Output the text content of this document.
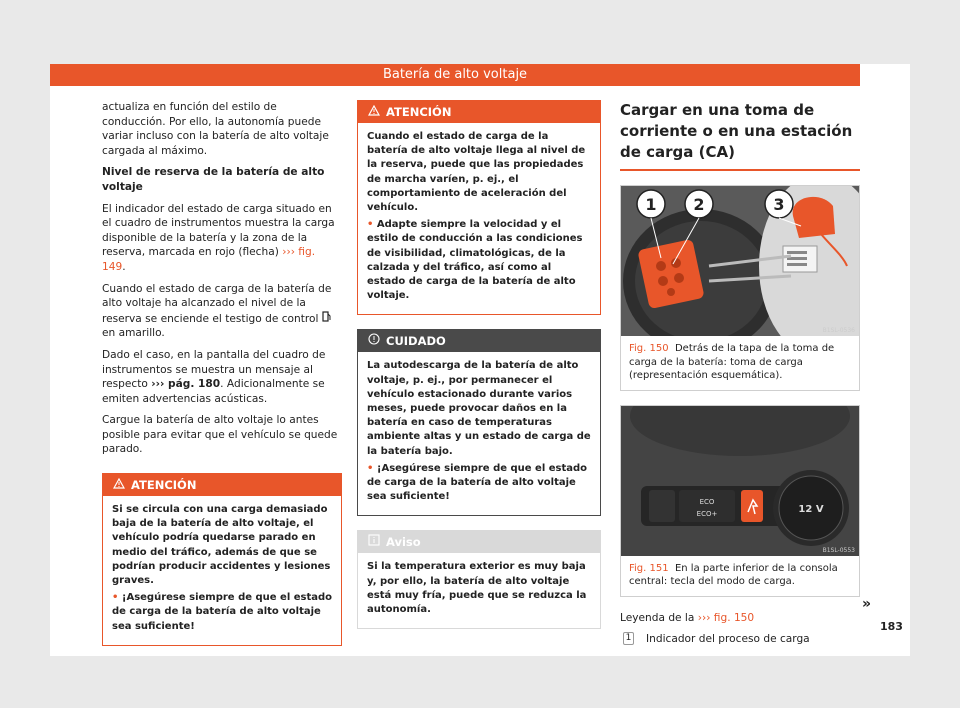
Batería de alto voltaje

actualiza en función del estilo de conducción. Por ello, la autonomía puede variar incluso con la batería de alto voltaje cargada al máximo.

Nivel de reserva de la batería de alto voltaje

El indicador del estado de carga situado en el cuadro de instrumentos muestra la carga disponible de la batería y la zona de la reserva, marcada en rojo (flecha) ››› fig. 149.

Cuando el estado de carga de la batería de alto voltaje ha alcanzado el nivel de la reserva se enciende el testigo de control  en amarillo.

Dado el caso, en la pantalla del cuadro de instrumentos se muestra un mensaje al respecto ››› pág. 180. Adicionalmente se emiten advertencias acústicas.

Cargue la batería de alto voltaje lo antes posible para evitar que el vehículo se quede parado.

ATENCIÓN

Si se circula con una carga demasiado baja de la batería de alto voltaje, el vehículo podría quedarse parado en medio del tráfico, además de que se podrían producir accidentes y lesiones graves.

• ¡Asegúrese siempre de que el estado de carga de la batería de alto voltaje sea suficiente!

ATENCIÓN

Cuando el estado de carga de la batería de alto voltaje llega al nivel de la reserva, puede que las propiedades de marcha varíen, p. ej., el comportamiento de aceleración del vehículo.

• Adapte siempre la velocidad y el estilo de conducción a las condiciones de visibilidad, climatológicas, de la calzada y del tráfico, así como al estado de carga de la batería de alto voltaje.

CUIDADO

La autodescarga de la batería de alto voltaje, p. ej., por permanecer el vehículo estacionado durante varios meses, puede provocar daños en la batería en caso de temperaturas ambiente altas y un estado de carga de la batería bajo.

• ¡Asegúrese siempre de que el estado de carga de la batería de alto voltaje sea suficiente!

Aviso

Si la temperatura exterior es muy baja y, por ello, la batería de alto voltaje está muy fría, puede que se reduzca la autonomía.

Cargar en una toma de corriente o en una estación de carga (CA)
1 2	3
B1SL-0536
Fig. 150 Detrás de la tapa de la toma de carga de la batería: toma de carga (representación esquemática).
ECO
ECO+	12 V
B1SL-0553
Fig. 151 En la parte inferior de la consola central: tecla del modo de carga.

Leyenda de la ››› fig. 150

1 Indicador del proceso de carga
»
183
